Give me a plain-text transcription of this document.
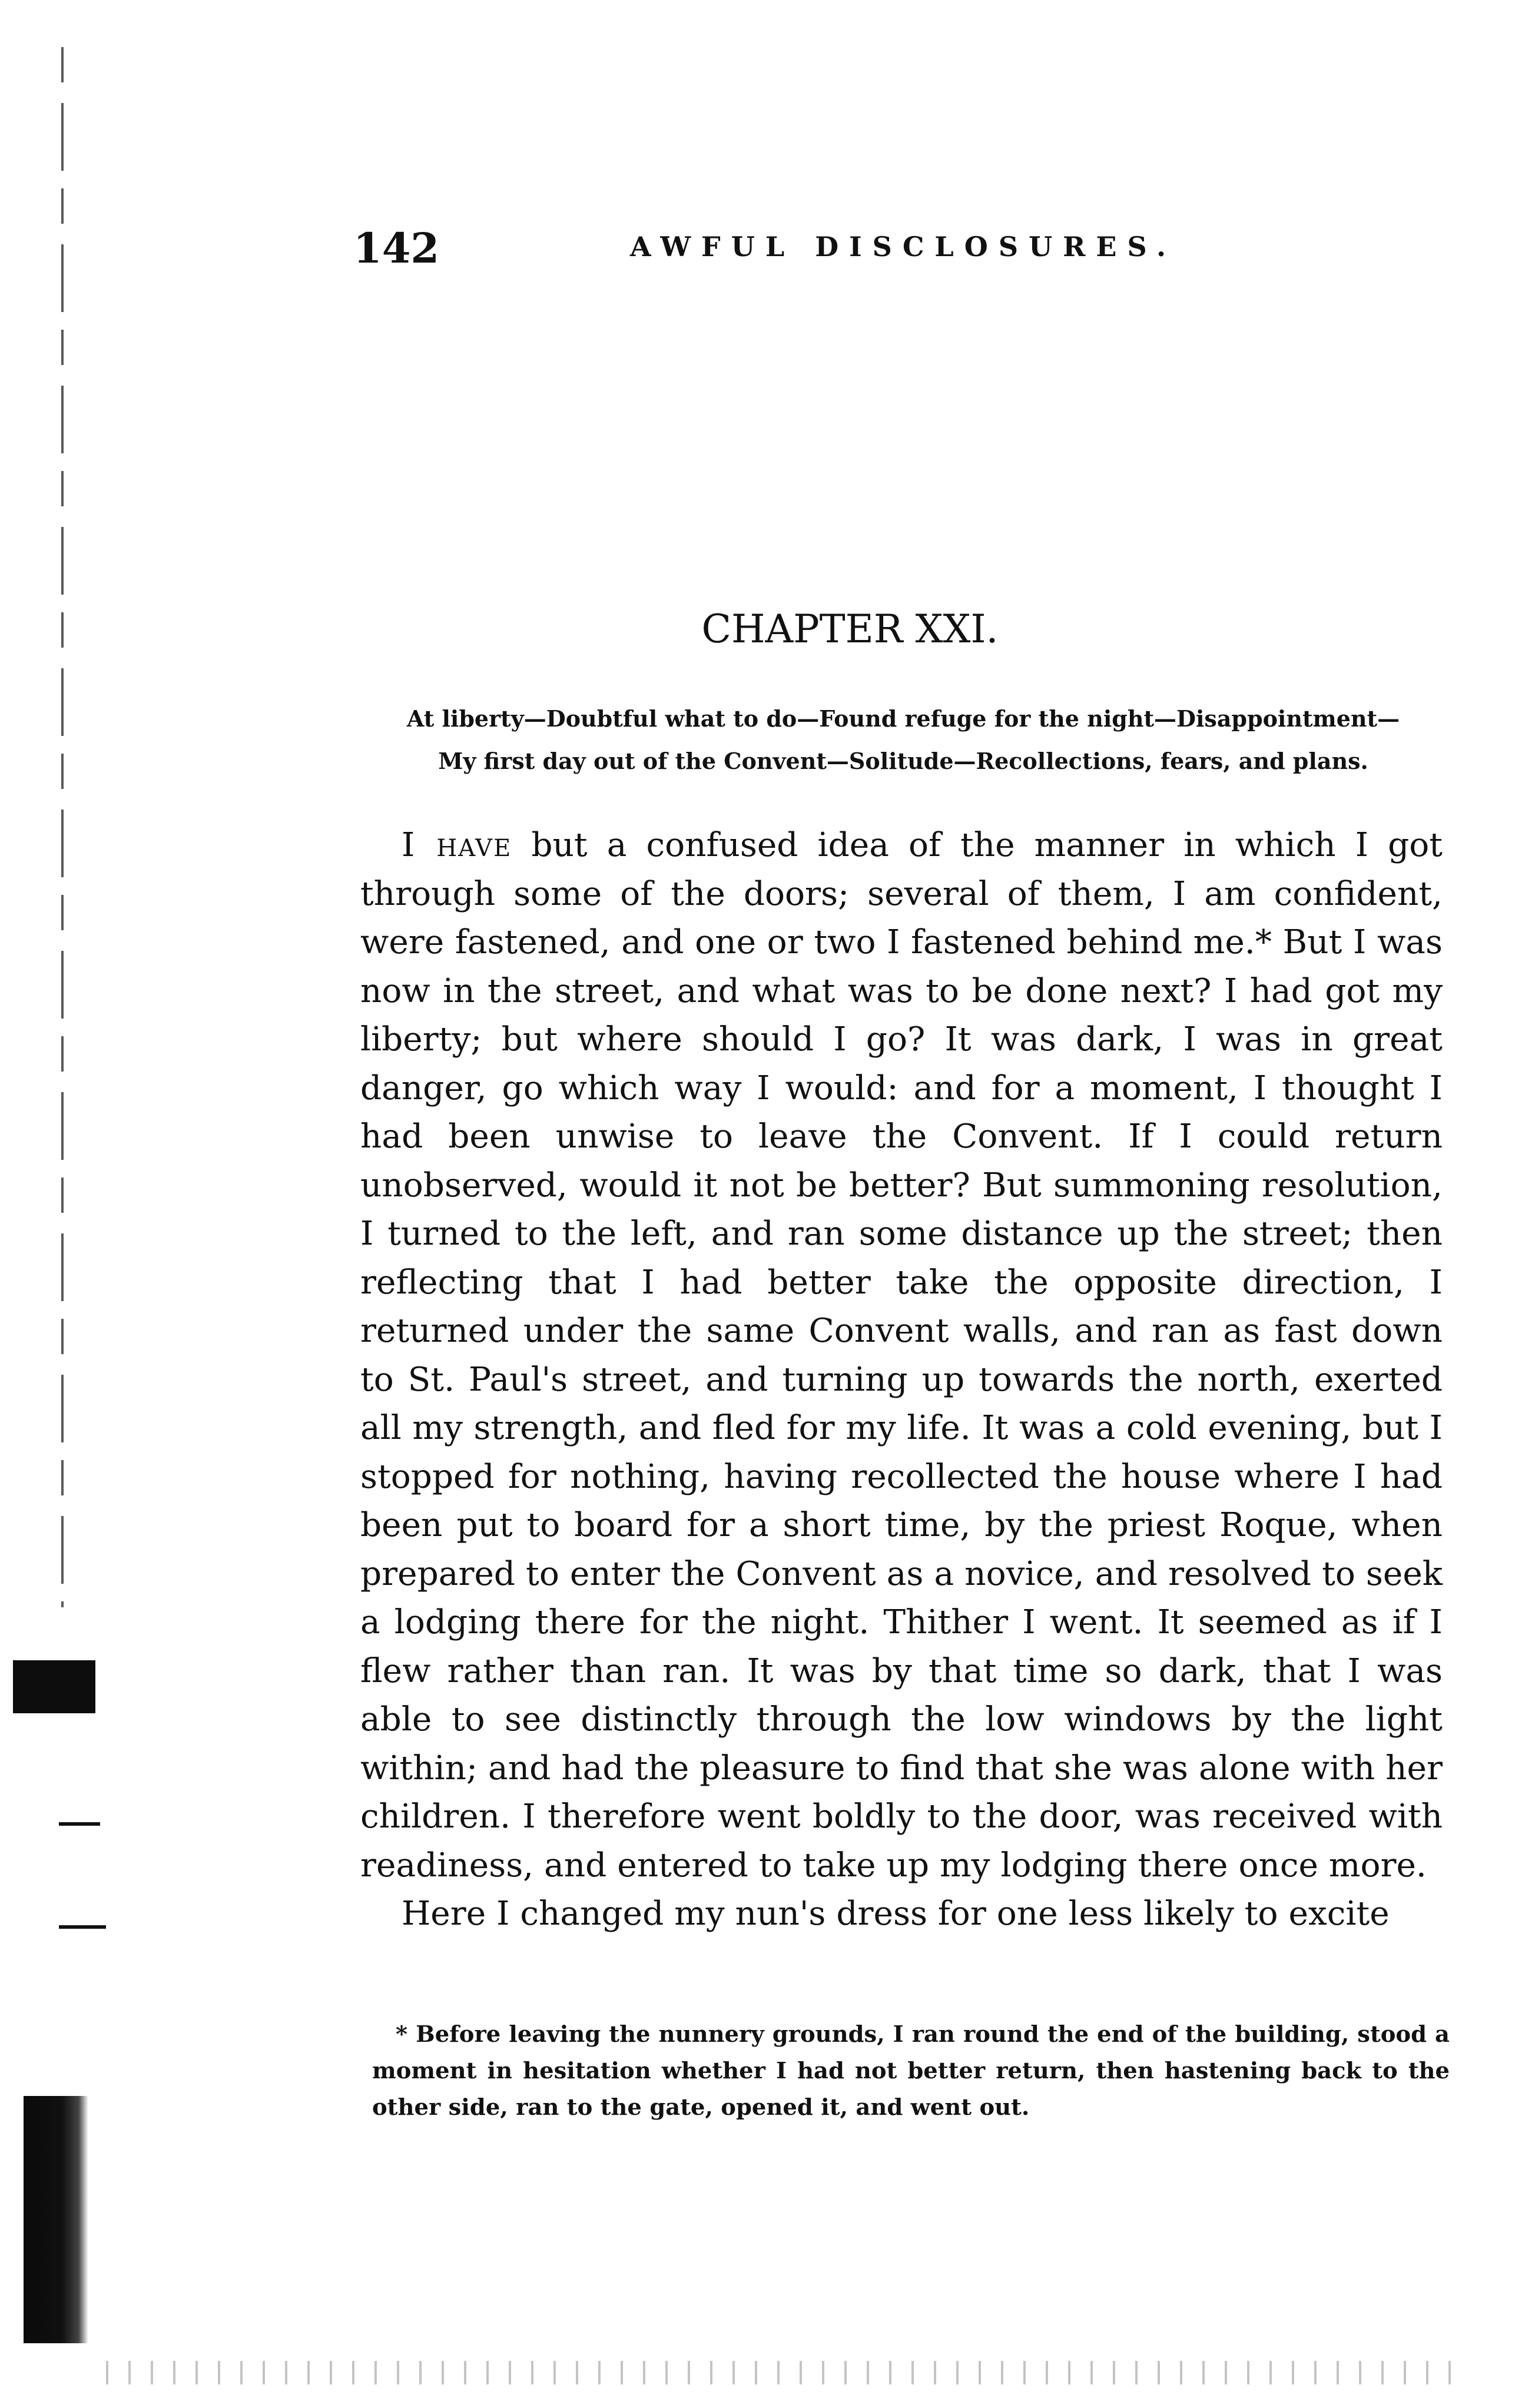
142	AWFUL DISCLOSURES.
CHAPTER XXI.
At liberty—Doubtful what to do—Found refuge for the night—Disappointment—
My first day out of the Convent—Solitude—Recollections, fears, and plans.

I have but a confused idea of the manner in which I got through some of the doors; several of them, I am confident, were fastened, and one or two I fastened behind me.* But I was now in the street, and what was to be done next? I had got my liberty; but where should I go? It was dark, I was in great danger, go which way I would: and for a moment, I thought I had been unwise to leave the Convent. If I could return unobserved, would it not be better? But summoning resolution, I turned to the left, and ran some distance up the street; then reflecting that I had better take the opposite direction, I returned under the same Convent walls, and ran as fast down to St. Paul's street, and turning up towards the north, exerted all my strength, and fled for my life. It was a cold evening, but I stopped for nothing, having recollected the house where I had been put to board for a short time, by the priest Roque, when prepared to enter the Convent as a novice, and resolved to seek a lodging there for the night. Thither I went. It seemed as if I flew rather than ran. It was by that time so dark, that I was able to see distinctly through the low windows by the light within; and had the pleasure to find that she was alone with her children. I therefore went boldly to the door, was received with readiness, and entered to take up my lodging there once more.

Here I changed my nun's dress for one less likely to excite

* Before leaving the nunnery grounds, I ran round the end of the building, stood a moment in hesitation whether I had not better return, then hastening back to the other side, ran to the gate, opened it, and went out.
